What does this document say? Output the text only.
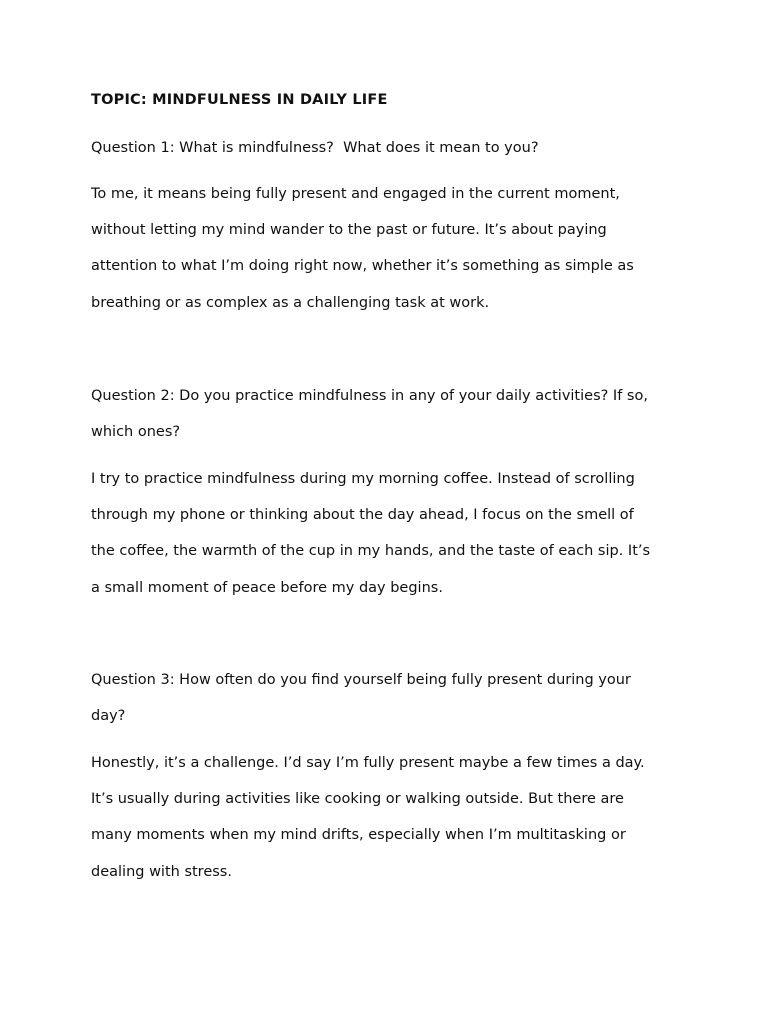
TOPIC: MINDFULNESS IN DAILY LIFE

Question 1: What is mindfulness?  What does it mean to you?

To me, it means being fully present and engaged in the current moment,
without letting my mind wander to the past or future. It’s about paying
attention to what I’m doing right now, whether it’s something as simple as
breathing or as complex as a challenging task at work.

Question 2: Do you practice mindfulness in any of your daily activities? If so,
which ones?

I try to practice mindfulness during my morning coffee. Instead of scrolling
through my phone or thinking about the day ahead, I focus on the smell of
the coffee, the warmth of the cup in my hands, and the taste of each sip. It’s
a small moment of peace before my day begins.

Question 3: How often do you find yourself being fully present during your
day?

Honestly, it’s a challenge. I’d say I’m fully present maybe a few times a day.
It’s usually during activities like cooking or walking outside. But there are
many moments when my mind drifts, especially when I’m multitasking or
dealing with stress.
